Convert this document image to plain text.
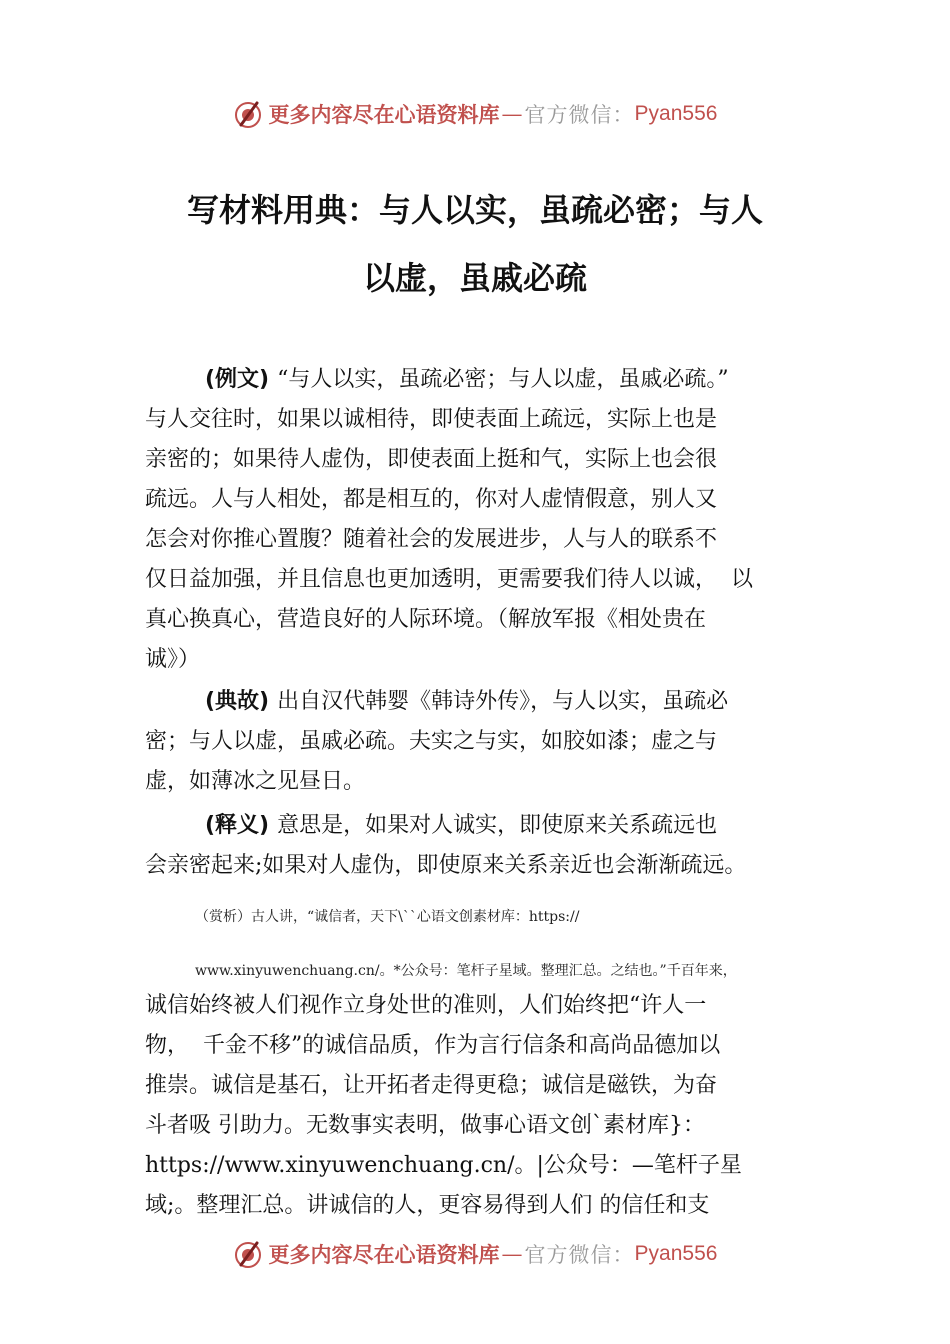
更多内容尽在心语资料库 — 官方微信： Pyan556
写材料用典：与人以实，虽疏必密；与人
以虚，虽戚必疏
(例文) “与人以实，虽疏必密；与人以虚，虽戚必疏。”
与人交往时，如果以诚相待，即使表面上疏远，实际上也是
亲密的；如果待人虚伪，即使表面上挺和气，实际上也会很
疏远。人与人相处，都是相互的，你对人虚情假意，别人又
怎会对你推心置腹？随着社会的发展进步，人与人的联系不
仅日益加强，并且信息也更加透明，更需要我们待人以诚，  以
真心换真心，营造良好的人际环境。（解放军报《相处贵在
诚》）
(典故) 出自汉代韩婴《韩诗外传》，与人以实，虽疏必
密；与人以虚，虽戚必疏。夫实之与实，如胶如漆；虚之与
虚，如薄冰之见昼日。
(释义) 意思是，如果对人诚实，即使原来关系疏远也
会亲密起来;如果对人虚伪，即使原来关系亲近也会渐渐疏远。
（赏析）古人讲，“诚信者，天下\``心语文创素材库：https://
www.xinyuwenchuang.cn/。*公众号：笔杆子星域。整理汇总。之结也。”千百年来，
诚信始终被人们视作立身处世的准则，人们始终把“许人一
物，  千金不移”的诚信品质，作为言行信条和高尚品德加以
推崇。诚信是基石，让开拓者走得更稳；诚信是磁铁，为奋
斗者吸 引助力。无数事实表明，做事心语文创`素材库}：
https://www.xinyuwenchuang.cn/。|公众号：—笔杆子星
域;。整理汇总。讲诚信的人，更容易得到人们 的信任和支
更多内容尽在心语资料库 — 官方微信： Pyan556
